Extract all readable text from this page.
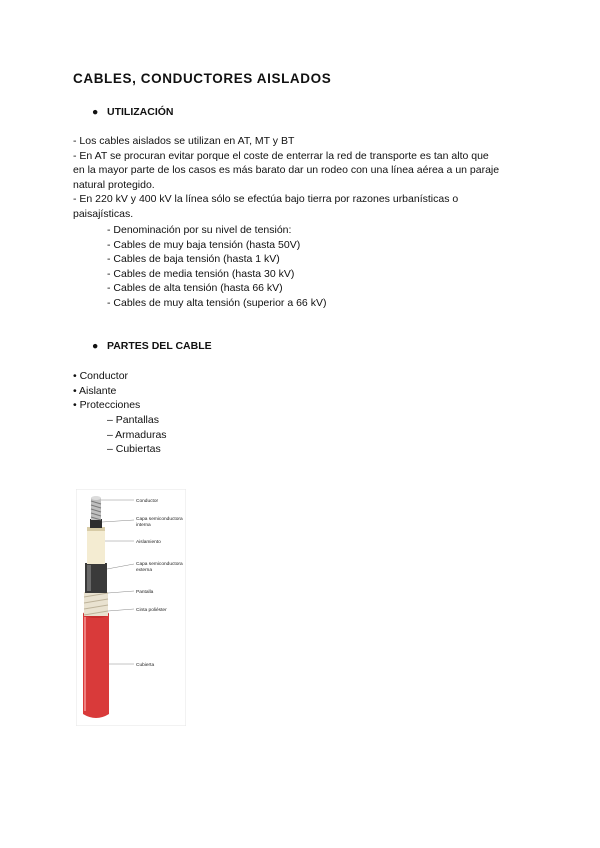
CABLES, CONDUCTORES AISLADOS
● UTILIZACIÓN
- Los cables aislados se utilizan en AT, MT y BT
- En AT se procuran evitar porque el coste de enterrar la red de transporte es tan alto que
en la mayor parte de los casos es más barato dar un rodeo con una línea aérea a un paraje
natural protegido.
- En 220 kV y 400 kV la línea sólo se efectúa bajo tierra por razones urbanísticas o
paisajísticas.
- Denominación por su nivel de tensión:
- Cables de muy baja tensión (hasta 50V)
- Cables de baja tensión (hasta 1 kV)
- Cables de media tensión (hasta 30 kV)
- Cables de alta tensión (hasta 66 kV)
- Cables de muy alta tensión (superior a 66 kV)
● PARTES DEL CABLE
• Conductor
• Aislante
• Protecciones
– Pantallas
– Armaduras
– Cubiertas
Conductor
Capa semiconductora
interna
Aislamiento
Capa semiconductora
externa
Pantalla
Cinta poliéster
Cubierta
